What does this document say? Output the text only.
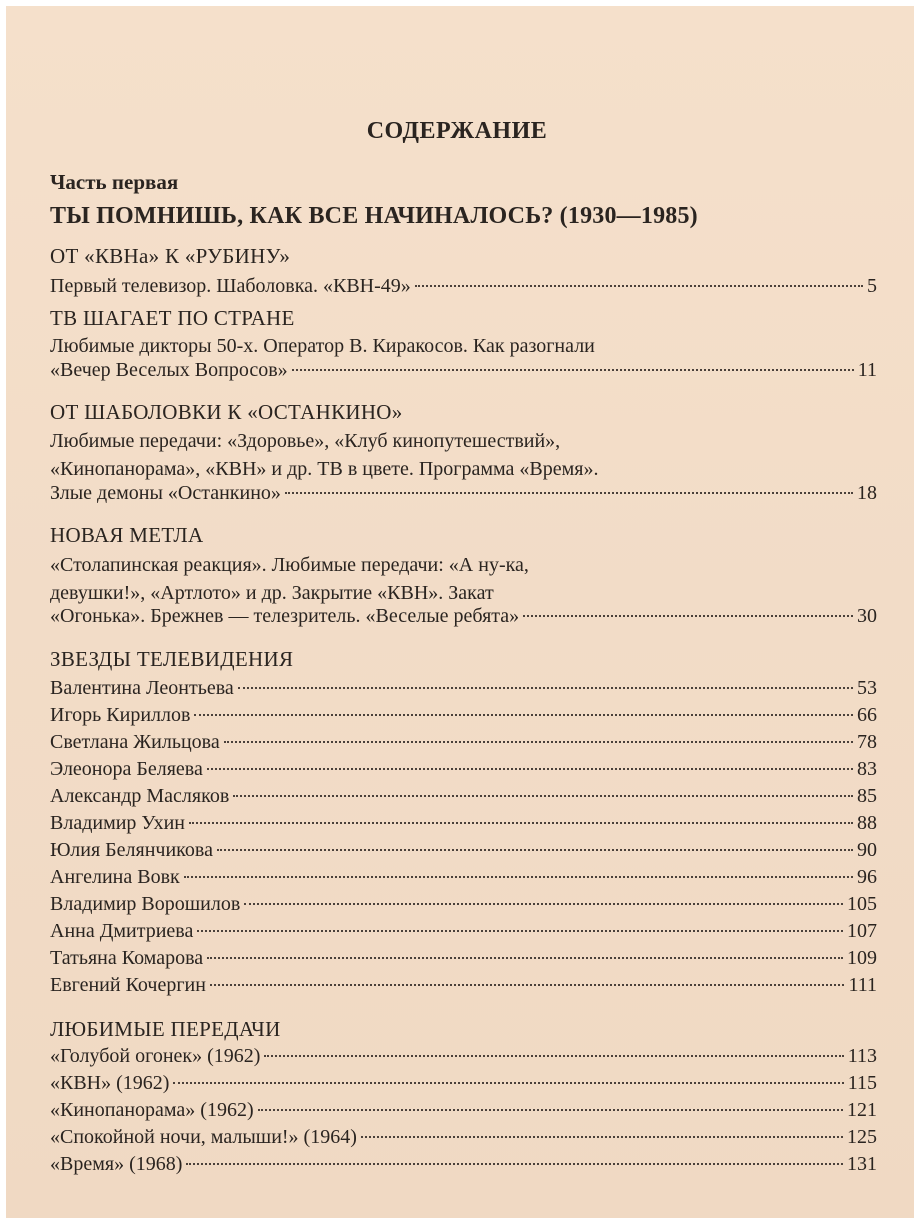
СОДЕРЖАНИЕ
Часть первая
ТЫ ПОМНИШЬ, КАК ВСЕ НАЧИНАЛОСЬ? (1930—1985)
ОТ «КВНа» К «РУБИНУ»
Первый телевизор. Шаболовка. «КВН-49»	5
ТВ ШАГАЕТ ПО СТРАНЕ
Любимые дикторы 50-х. Оператор В. Киракосов. Как разогнали
«Вечер Веселых Вопросов»	11
ОТ ШАБОЛОВКИ К «ОСТАНКИНО»
Любимые передачи: «Здоровье», «Клуб кинопутешествий»,
«Кинопанорама», «КВН» и др. ТВ в цвете. Программа «Время».
Злые демоны «Останкино»	18
НОВАЯ МЕТЛА
«Столапинская реакция». Любимые передачи: «А ну-ка,
девушки!», «Артлото» и др. Закрытие «КВН». Закат
«Огонька». Брежнев — телезритель. «Веселые ребята»	30
ЗВЕЗДЫ ТЕЛЕВИДЕНИЯ
Валентина Леонтьева	53
Игорь Кириллов	66
Светлана Жильцова	78
Элеонора Беляева	83
Александр Масляков	85
Владимир Ухин	88
Юлия Белянчикова	90
Ангелина Вовк	96
Владимир Ворошилов	105
Анна Дмитриева	107
Татьяна Комарова	109
Евгений Кочергин	111
ЛЮБИМЫЕ ПЕРЕДАЧИ
«Голубой огонек» (1962)	113
«КВН» (1962)	115
«Кинопанорама» (1962)	121
«Спокойной ночи, малыши!» (1964)	125
«Время» (1968)	131
